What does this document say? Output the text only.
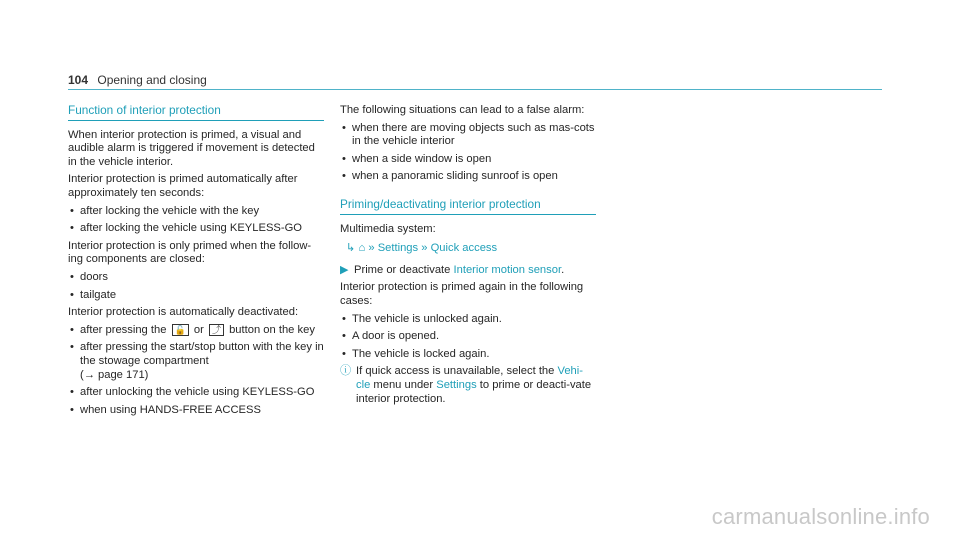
104 Opening and closing
Function of interior protection

When interior protection is primed, a visual and audible alarm is triggered if movement is detected in the vehicle interior.

Interior protection is primed automatically after approximately ten seconds:

• after locking the vehicle with the key
• after locking the vehicle using KEYLESS-GO

Interior protection is only primed when the follow-ing components are closed:

• doors
• tailgate

Interior protection is automatically deactivated:

• after pressing the 🔓 or ⤴ button on the key
• after pressing the start/stop button with the key in the stowage compartment
(→ page 171)
• after unlocking the vehicle using KEYLESS-GO
• when using HANDS-FREE ACCESS

The following situations can lead to a false alarm:

• when there are moving objects such as mas-cots in the vehicle interior
• when a side window is open
• when a panoramic sliding sunroof is open
Priming/deactivating interior protection

Multimedia system:

↳ ⌂ » Settings » Quick access
▶ Prime or deactivate Interior motion sensor.

Interior protection is primed again in the following cases:

• The vehicle is unlocked again.
• A door is opened.
• The vehicle is locked again.
ⓘ If quick access is unavailable, select the Vehi-cle menu under Settings to prime or deacti-vate interior protection.
carmanualsonline.info
